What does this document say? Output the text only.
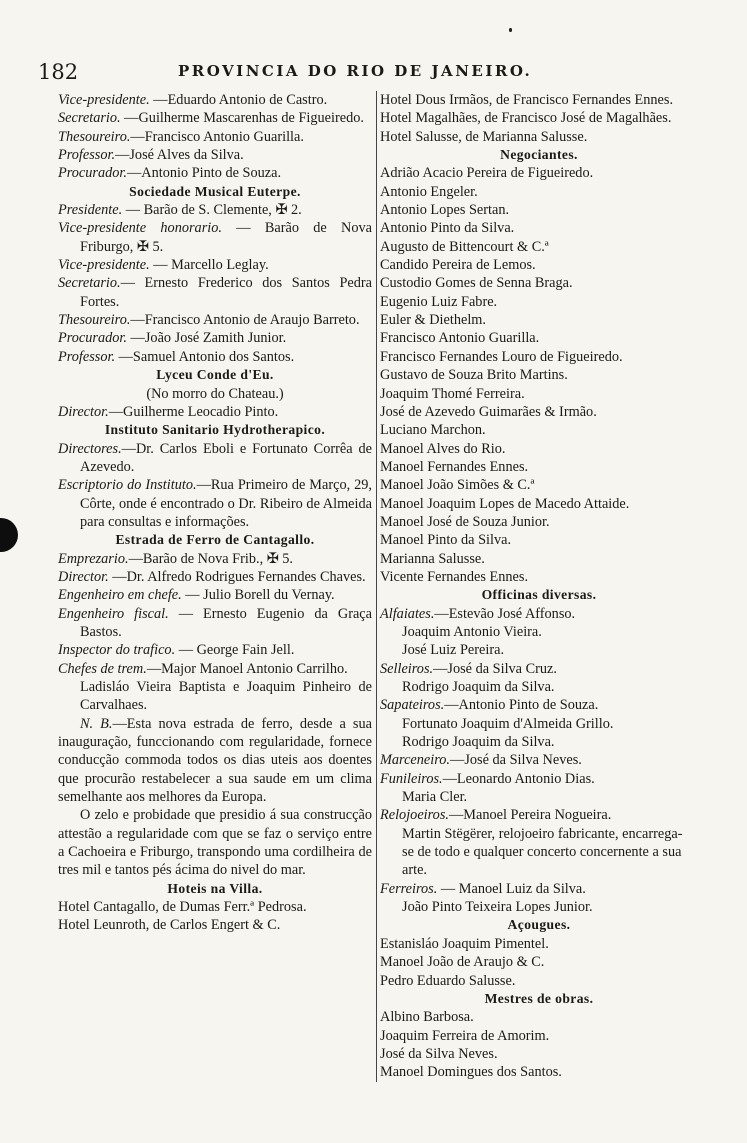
182	PROVINCIA DO RIO DE JANEIRO.
Vice-presidente. —Eduardo Antonio de Castro.
Secretario. —Guilherme Mascarenhas de Figueiredo.
Thesoureiro.—Francisco Antonio Guarilla.
Professor.—José Alves da Silva.
Procurador.—Antonio Pinto de Souza.
Sociedade Musical Euterpe.
Presidente. — Barão de S. Clemente, ✠ 2.
Vice-presidente honorario. — Barão de Nova Friburgo, ✠ 5.
Vice-presidente. — Marcello Leglay.
Secretario.— Ernesto Frederico dos Santos Pedra Fortes.
Thesoureiro.—Francisco Antonio de Araujo Barreto.
Procurador. —João José Zamith Junior.
Professor. —Samuel Antonio dos Santos.
Lyceu Conde d'Eu.
(No morro do Chateau.)
Director.—Guilherme Leocadio Pinto.
Instituto Sanitario Hydrotherapico.
Directores.—Dr. Carlos Eboli e Fortunato Corrêa de Azevedo.
Escriptorio do Instituto.—Rua Primeiro de Março, 29, Côrte, onde é encontrado o Dr. Ribeiro de Almeida para consultas e informações.
Estrada de Ferro de Cantagallo.
Emprezario.—Barão de Nova Frib., ✠ 5.
Director. —Dr. Alfredo Rodrigues Fernandes Chaves.
Engenheiro em chefe. — Julio Borell du Vernay.
Engenheiro fiscal. — Ernesto Eugenio da Graça Bastos.
Inspector do trafico. — George Fain Jell.
Chefes de trem.—Major Manoel Antonio Carrilho.
Ladisláo Vieira Baptista e Joaquim Pinheiro de Carvalhaes.
N. B.—Esta nova estrada de ferro, desde a sua inauguração, funccionando com regularidade, fornece conducção commoda todos os dias uteis aos doentes que procurão restabelecer a sua saude em um clima semelhante aos melhores da Europa.
O zelo e probidade que presidio á sua construcção attestão a regularidade com que se faz o serviço entre a Cachoeira e Friburgo, transpondo uma cordilheira de tres mil e tantos pés ácima do nivel do mar.
Hoteis na Villa.
Hotel Cantagallo, de Dumas Ferr.ª Pedrosa.
Hotel Leunroth, de Carlos Engert & C.
Hotel Dous Irmãos, de Francisco Fernandes Ennes.
Hotel Magalhães, de Francisco José de Magalhães.
Hotel Salusse, de Marianna Salusse.
Negociantes.
Adrião Acacio Pereira de Figueiredo.
Antonio Engeler.
Antonio Lopes Sertan.
Antonio Pinto da Silva.
Augusto de Bittencourt & C.ª
Candido Pereira de Lemos.
Custodio Gomes de Senna Braga.
Eugenio Luiz Fabre.
Euler & Diethelm.
Francisco Antonio Guarilla.
Francisco Fernandes Louro de Figueiredo.
Gustavo de Souza Brito Martins.
Joaquim Thomé Ferreira.
José de Azevedo Guimarães & Irmão.
Luciano Marchon.
Manoel Alves do Rio.
Manoel Fernandes Ennes.
Manoel João Simões & C.ª
Manoel Joaquim Lopes de Macedo Attaide.
Manoel José de Souza Junior.
Manoel Pinto da Silva.
Marianna Salusse.
Vicente Fernandes Ennes.
Officinas diversas.
Alfaiates.—Estevão José Affonso.
Joaquim Antonio Vieira.
José Luiz Pereira.
Selleiros.—José da Silva Cruz.
Rodrigo Joaquim da Silva.
Sapateiros.—Antonio Pinto de Souza.
Fortunato Joaquim d'Almeida Grillo.
Rodrigo Joaquim da Silva.
Marceneiro.—José da Silva Neves.
Funileiros.—Leonardo Antonio Dias.
Maria Cler.
Relojoeiros.—Manoel Pereira Nogueira.
Martin Stëgërer, relojoeiro fabricante, encarrega-se de todo e qualquer concerto concernente a sua arte.
Ferreiros. — Manoel Luiz da Silva.
João Pinto Teixeira Lopes Junior.
Açougues.
Estanisláo Joaquim Pimentel.
Manoel João de Araujo & C.
Pedro Eduardo Salusse.
Mestres de obras.
Albino Barbosa.
Joaquim Ferreira de Amorim.
José da Silva Neves.
Manoel Domingues dos Santos.
